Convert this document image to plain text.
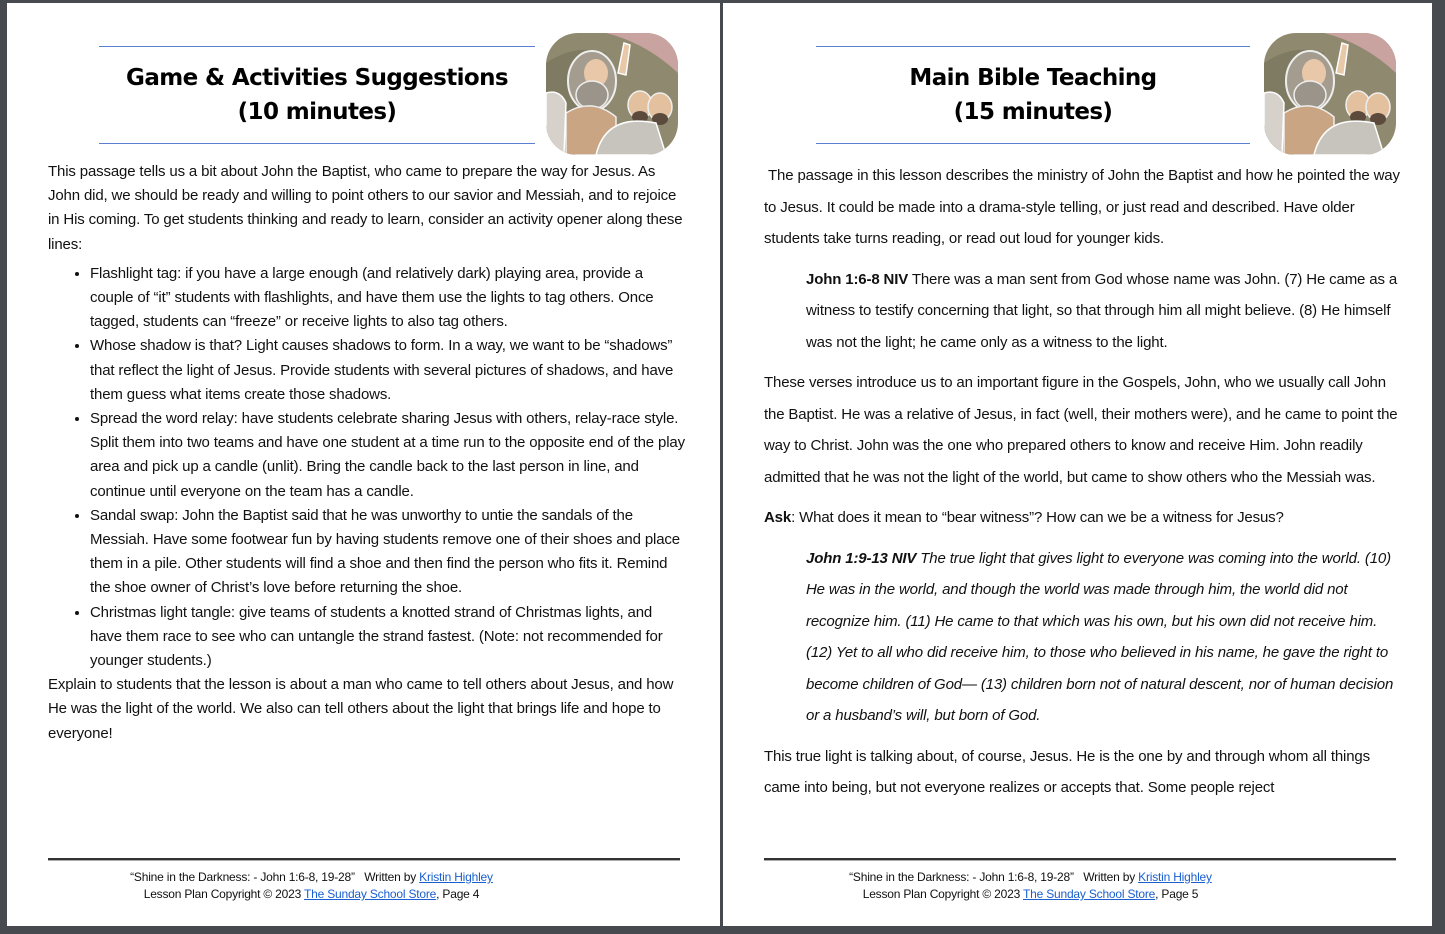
Game & Activities Suggestions
(10 minutes)

This passage tells us a bit about John the Baptist, who came to prepare the way for Jesus. As John did, we should be ready and willing to point others to our savior and Messiah, and to rejoice in His coming. To get students thinking and ready to learn, consider an activity opener along these lines:

• Flashlight tag: if you have a large enough (and relatively dark) playing area, provide a couple of “it” students with flashlights, and have them use the lights to tag others. Once tagged, students can “freeze” or receive lights to also tag others.
• Whose shadow is that? Light causes shadows to form. In a way, we want to be “shadows” that reflect the light of Jesus. Provide students with several pictures of shadows, and have them guess what items create those shadows.
• Spread the word relay: have students celebrate sharing Jesus with others, relay-race style. Split them into two teams and have one student at a time run to the opposite end of the play area and pick up a candle (unlit). Bring the candle back to the last person in line, and continue until everyone on the team has a candle.
• Sandal swap: John the Baptist said that he was unworthy to untie the sandals of the Messiah. Have some footwear fun by having students remove one of their shoes and place them in a pile. Other students will find a shoe and then find the person who fits it. Remind the shoe owner of Christ’s love before returning the shoe.
• Christmas light tangle: give teams of students a knotted strand of Christmas lights, and have them race to see who can untangle the strand fastest. (Note: not recommended for younger students.)

Explain to students that the lesson is about a man who came to tell others about Jesus, and how He was the light of the world. We also can tell others about the light that brings life and hope to everyone!

“Shine in the Darkness: - John 1:6-8, 19-28”   Written by Kristin Highley
Lesson Plan Copyright © 2023 The Sunday School Store, Page 4
Main Bible Teaching
(15 minutes)

The passage in this lesson describes the ministry of John the Baptist and how he pointed the way to Jesus. It could be made into a drama-style telling, or just read and described. Have older students take turns reading, or read out loud for younger kids.

John 1:6-8 NIV There was a man sent from God whose name was John. (7) He came as a witness to testify concerning that light, so that through him all might believe. (8) He himself was not the light; he came only as a witness to the light.

These verses introduce us to an important figure in the Gospels, John, who we usually call John the Baptist. He was a relative of Jesus, in fact (well, their mothers were), and he came to point the way to Christ. John was the one who prepared others to know and receive Him. John readily admitted that he was not the light of the world, but came to show others who the Messiah was.

Ask: What does it mean to “bear witness”? How can we be a witness for Jesus?

John 1:9-13 NIV The true light that gives light to everyone was coming into the world. (10) He was in the world, and though the world was made through him, the world did not recognize him. (11) He came to that which was his own, but his own did not receive him. (12) Yet to all who did receive him, to those who believed in his name, he gave the right to become children of God— (13) children born not of natural descent, nor of human decision or a husband’s will, but born of God.

This true light is talking about, of course, Jesus. He is the one by and through whom all things came into being, but not everyone realizes or accepts that. Some people reject

“Shine in the Darkness: - John 1:6-8, 19-28”   Written by Kristin Highley
Lesson Plan Copyright © 2023 The Sunday School Store, Page 5
